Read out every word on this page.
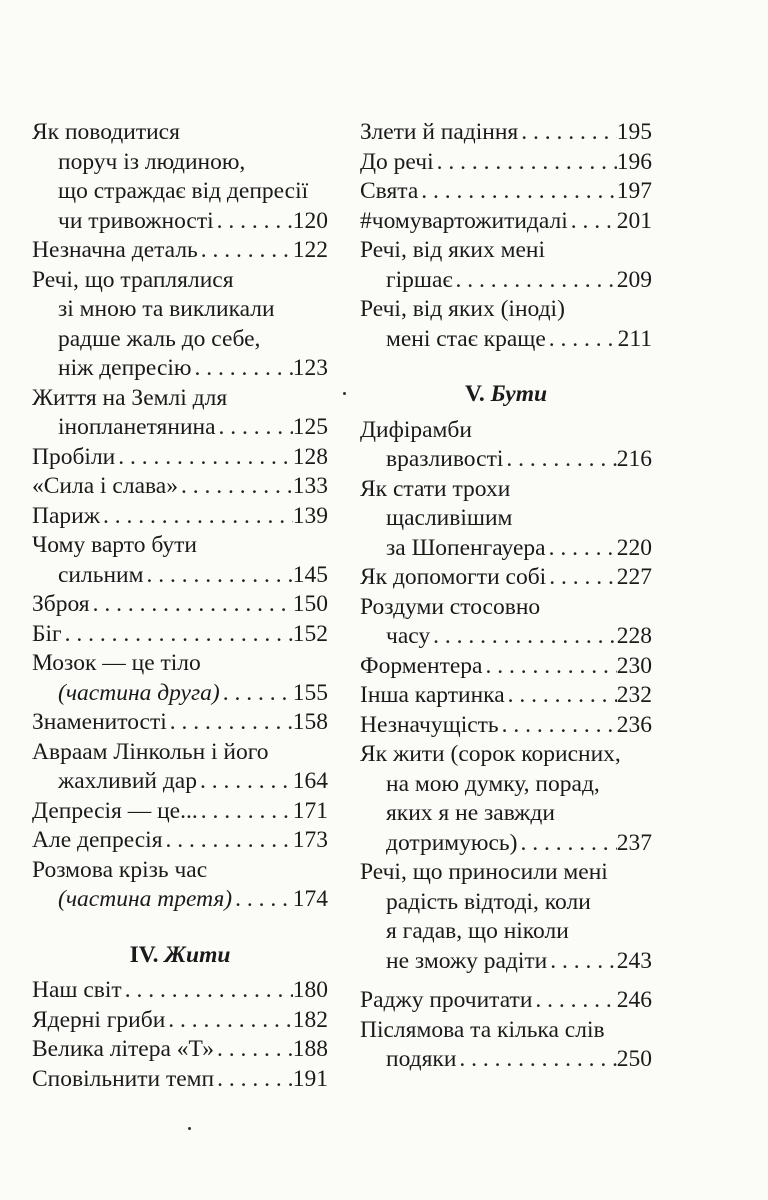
Як поводитися
поруч із людиною,
що страждає від депресії
чи тривожності . . .	120
Незначна деталь . . .	122
Речі, що траплялися
зі мною та викликали
радше жаль до себе,
ніж депресію . . .	123
Життя на Землі для
інопланетянина . . .	125
Пробіли . . .	128
«Сила і слава» . . .	133
Париж . . .	139
Чому варто бути
сильним . . .	145
Зброя . . .	150
Біг . . .	152
Мозок — це тіло
(частина друга) . . .	155
Знаменитості . . .	158
Авраам Лінкольн і його
жахливий дар . . .	164
Депресія — це... . . .	171
Але депресія . . .	173
Розмова крізь час
(частина третя) . . .	174
IV. Жити
Наш світ . . .	180
Ядерні гриби . . .	182
Велика літера «Т» . . .	188
Сповільнити темп . . .	191
Злети й падіння . . .	195
До речі . . .	196
Свята . . .	197
#чомувартожитидалі . . . 201
Речі, від яких мені
гіршає . . .	209
Речі, від яких (іноді)
мені стає краще . . .	211
V. Бути
Дифірамби
вразливості . . .	216
Як стати трохи
щасливішим
за Шопенгауера . . .	220
Як допомогти собі . . .	227
Роздуми стосовно
часу . . .	228
Форментера . . .	230
Інша картинка . . .	232
Незначущість . . .	236
Як жити (сорок корисних,
на мою думку, порад,
яких я не завжди
дотримуюсь) . . .	237
Речі, що приносили мені
радість відтоді, коли
я гадав, що ніколи
не зможу радіти . . .	243
Раджу прочитати . . .	246
Післямова та кілька слів
подяки . . .	250
